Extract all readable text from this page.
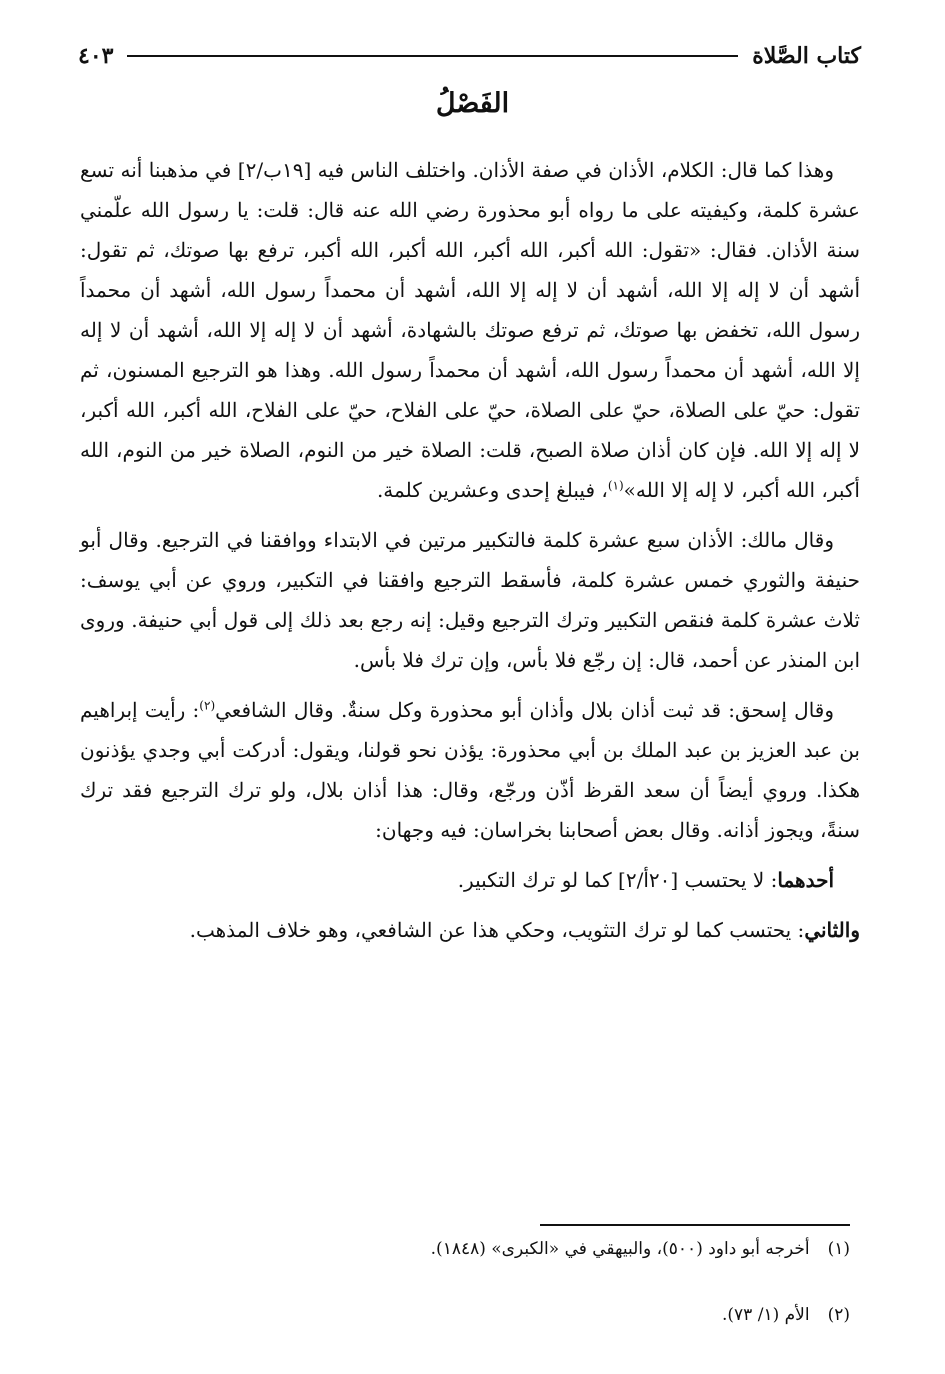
كتاب الصَّلاة
٤٠٣
الفَصْلُ

وهذا كما قال: الكلام، الأذان في صفة الأذان. واختلف الناس فيه [١٩ب/٢] في مذهبنا أنه تسع عشرة كلمة، وكيفيته على ما رواه أبو محذورة رضي الله عنه قال: قلت: يا رسول الله علّمني سنة الأذان. فقال: «تقول: الله أكبر، الله أكبر، الله أكبر، الله أكبر، ترفع بها صوتك، ثم تقول: أشهد أن لا إله إلا الله، أشهد أن لا إله إلا الله، أشهد أن محمداً رسول الله، أشهد أن محمداً رسول الله، تخفض بها صوتك، ثم ترفع صوتك بالشهادة، أشهد أن لا إله إلا الله، أشهد أن لا إله إلا الله، أشهد أن محمداً رسول الله، أشهد أن محمداً رسول الله. وهذا هو الترجيع المسنون، ثم تقول: حيّ على الصلاة، حيّ على الصلاة، حيّ على الفلاح، حيّ على الفلاح، الله أكبر، الله أكبر، لا إله إلا الله. فإن كان أذان صلاة الصبح، قلت: الصلاة خير من النوم، الصلاة خير من النوم، الله أكبر، الله أكبر، لا إله إلا الله»$^{(١)}$، فيبلغ إحدى وعشرين كلمة.

وقال مالك: الأذان سبع عشرة كلمة فالتكبير مرتين في الابتداء ووافقنا في الترجيع. وقال أبو حنيفة والثوري خمس عشرة كلمة، فأسقط الترجيع وافقنا في التكبير، وروي عن أبي يوسف: ثلاث عشرة كلمة فنقص التكبير وترك الترجيع وقيل: إنه رجع بعد ذلك إلى قول أبي حنيفة. وروى ابن المنذر عن أحمد، قال: إن رجّع فلا بأس، وإن ترك فلا بأس.

وقال إسحق: قد ثبت أذان بلال وأذان أبو محذورة وكل سنةٌ. وقال الشافعي$^{(٢)}$: رأيت إبراهيم بن عبد العزيز بن عبد الملك بن أبي محذورة: يؤذن نحو قولنا، ويقول: أدركت أبي وجدي يؤذنون هكذا. وروي أيضاً أن سعد القرظ أذّن ورجّع، وقال: هذا أذان بلال، ولو ترك الترجيع فقد ترك سنةً، ويجوز أذانه. وقال بعض أصحابنا بخراسان: فيه وجهان:

أحدهما: لا يحتسب [٢٠أ/٢] كما لو ترك التكبير.

والثاني: يحتسب كما لو ترك التثويب، وحكي هذا عن الشافعي، وهو خلاف المذهب.

(١)
أخرجه أبو داود (٥٠٠)، والبيهقي في «الكبرى» (١٨٤٨).
(٢)
الأم (١/ ٧٣).
